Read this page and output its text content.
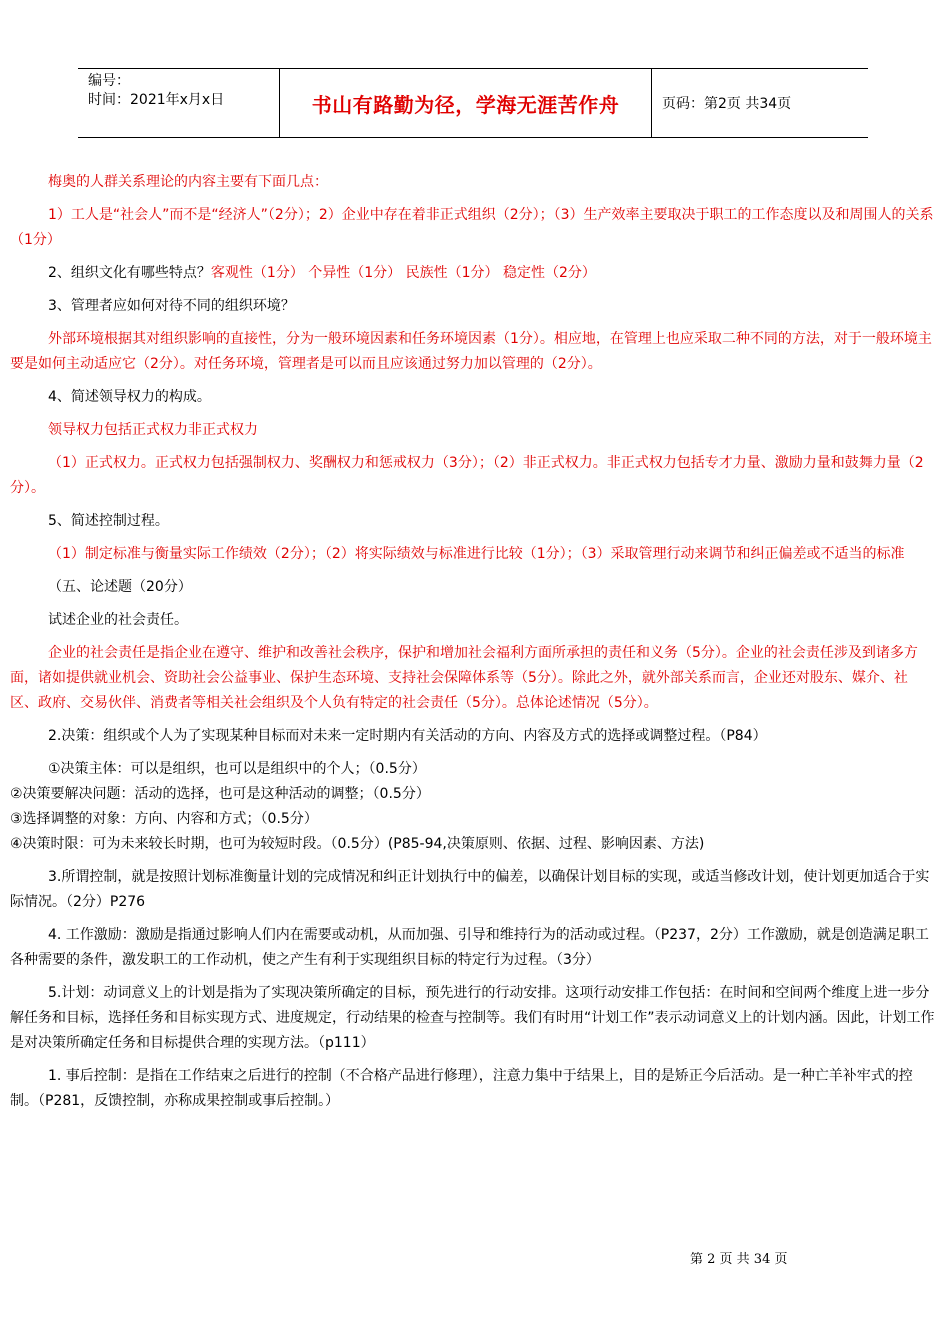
编号：
时间：2021年x月x日	书山有路勤为径，学海无涯苦作舟	页码：第2页 共34页

梅奥的人群关系理论的内容主要有下面几点：

1）工人是“社会人”而不是“经济人”（2分）；2）企业中存在着非正式组织（2分）；（3）生产效率主要取决于职工的工作态度以及和周围人的关系（1分）

2、组织文化有哪些特点？客观性（1分） 个异性（1分） 民族性（1分） 稳定性（2分）

3、管理者应如何对待不同的组织环境？

外部环境根据其对组织影响的直接性，分为一般环境因素和任务环境因素（1分）。相应地，在管理上也应采取二种不同的方法，对于一般环境主要是如何主动适应它（2分）。对任务环境，管理者是可以而且应该通过努力加以管理的（2分）。

4、简述领导权力的构成。

领导权力包括正式权力非正式权力

（1）正式权力。正式权力包括强制权力、奖酬权力和惩戒权力（3分）；（2）非正式权力。非正式权力包括专才力量、激励力量和鼓舞力量（2分）。

5、简述控制过程。

（1）制定标准与衡量实际工作绩效（2分）；（2）将实际绩效与标准进行比较（1分）；（3）采取管理行动来调节和纠正偏差或不适当的标准

（五、论述题（20分）

试述企业的社会责任。

企业的社会责任是指企业在遵守、维护和改善社会秩序，保护和增加社会福利方面所承担的责任和义务（5分）。企业的社会责任涉及到诸多方面，诸如提供就业机会、资助社会公益事业、保护生态环境、支持社会保障体系等（5分）。除此之外，就外部关系而言，企业还对股东、媒介、社区、政府、交易伙伴、消费者等相关社会组织及个人负有特定的社会责任（5分）。总体论述情况（5分）。

2.决策：组织或个人为了实现某种目标而对未来一定时期内有关活动的方向、内容及方式的选择或调整过程。（P84）

①决策主体：可以是组织，也可以是组织中的个人；（0.5分）

②决策要解决问题：活动的选择，也可是这种活动的调整；（0.5分）

③选择调整的对象：方向、内容和方式；（0.5分）

④决策时限：可为未来较长时期，也可为较短时段。（0.5分）(P85-94,决策原则、依据、过程、影响因素、方法)

3.所谓控制，就是按照计划标准衡量计划的完成情况和纠正计划执行中的偏差，以确保计划目标的实现，或适当修改计划，使计划更加适合于实际情况。（2分）P276

4. 工作激励：激励是指通过影响人们内在需要或动机，从而加强、引导和维持行为的活动或过程。（P237，2分）工作激励，就是创造满足职工各种需要的条件，激发职工的工作动机，使之产生有利于实现组织目标的特定行为过程。（3分）

5.计划：动词意义上的计划是指为了实现决策所确定的目标，预先进行的行动安排。这项行动安排工作包括：在时间和空间两个维度上进一步分解任务和目标，选择任务和目标实现方式、进度规定，行动结果的检查与控制等。我们有时用“计划工作”表示动词意义上的计划内涵。因此，计划工作是对决策所确定任务和目标提供合理的实现方法。（p111）

1. 事后控制：是指在工作结束之后进行的控制（不合格产品进行修理），注意力集中于结果上，目的是矫正今后活动。是一种亡羊补牢式的控制。（P281，反馈控制，亦称成果控制或事后控制。）

第 2 页 共 34 页
